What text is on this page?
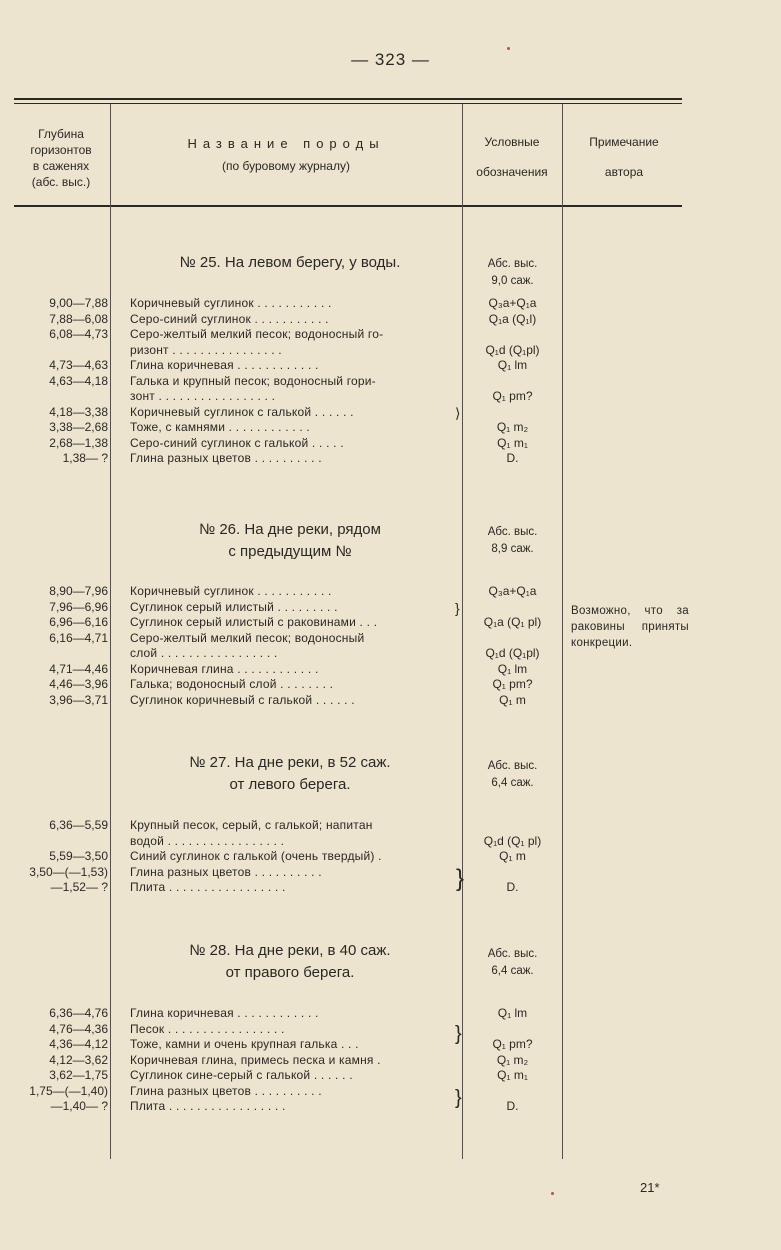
— 323 —
Глубина
горизонтов
в саженях
(абс. выс.)
Название породы
(по буровому журналу)
Условные
обозначения
Примечание
автора
№ 25. На левом берегу, у воды.	Абс. выс.
9,0 саж.
9,00—7,88 Коричневый суглинок . . . . . . . . . . .	Q₃a+Q₁a
7,88—6,08 Серо-синий суглинок . . . . . . . . . . .	Q₁a (Q₁l)
6,08—4,73 Серо-желтый мелкий песок; водоносный го-
ризонт . . . . . . . . . . . . . . . .	Q₁d (Q₁pl)
4,73—4,63 Глина коричневая . . . . . . . . . . . .	Q₁ lm
4,63—4,18 Галька и крупный песок; водоносный гори-
зонт . . . . . . . . . . . . . . . . .	Q₁ pm?
4,18—3,38 Коричневый суглинок с галькой . . . . . .
3,38—2,68 Тоже, с камнями . . . . . . . . . . . .	Q₁ m₂
2,68—1,38 Серо-синий суглинок с галькой . . . . .	Q₁ m₁
1,38— ? Глина разных цветов . . . . . . . . . .	D.
№ 26. На дне реки, рядом
с предыдущим №
Абс. выс.
8,9 саж.
8,90—7,96 Коричневый суглинок . . . . . . . . . . .	Q₃a+Q₁a
7,96—6,96 Суглинок серый илистый . . . . . . . . .
6,96—6,16 Суглинок серый илистый с раковинами . . .	Q₁a (Q₁ pl)
6,16—4,71 Серо-желтый мелкий песок; водоносный
слой . . . . . . . . . . . . . . . . .	Q₁d (Q₁pl)
4,71—4,46 Коричневая глина . . . . . . . . . . . .	Q₁ lm
4,46—3,96 Галька; водоносный слой . . . . . . . .	Q₁ pm?
3,96—3,71 Суглинок коричневый с галькой . . . . . .	Q₁ m
Возможно, что за раковины приняты конкреции.
№ 27. На дне реки, в 52 саж.
от левого берега.
Абс. выс.
6,4 саж.
6,36—5,59 Крупный песок, серый, с галькой; напитан
водой . . . . . . . . . . . . . . . . .	Q₁d (Q₁ pl)
5,59—3,50 Синий суглинок с галькой (очень твердый) .	Q₁ m
3,50—(—1,53) Глина разных цветов . . . . . . . . . .
—1,52— ? Плита . . . . . . . . . . . . . . . . .	D.
№ 28. На дне реки, в 40 саж.
от правого берега.
Абс. выс.
6,4 саж.
6,36—4,76 Глина коричневая . . . . . . . . . . . .	Q₁ lm
4,76—4,36 Песок . . . . . . . . . . . . . . . . .
4,36—4,12 Тоже, камни и очень крупная галька . . .	Q₁ pm?
4,12—3,62 Коричневая глина, примесь песка и камня .	Q₁ m₂
3,62—1,75 Суглинок сине-серый с галькой . . . . . .	Q₁ m₁
1,75—(—1,40) Глина разных цветов . . . . . . . . . .
—1,40— ? Плита . . . . . . . . . . . . . . . . .	D.
⟩
}
}
}
}
21*
